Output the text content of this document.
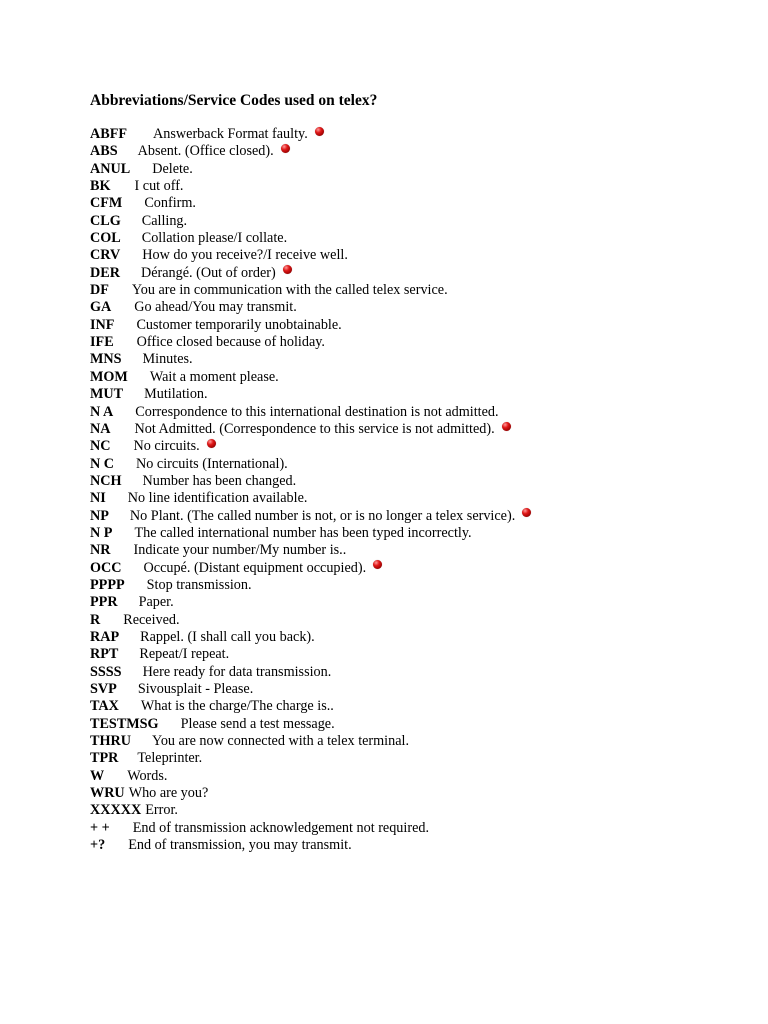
Abbreviations/Service Codes used on telex?
ABFF Answerback Format faulty.
ABS Absent. (Office closed).
ANUL Delete.
BK I cut off.
CFM Confirm.
CLG Calling.
COL Collation please/I collate.
CRV How do you receive?/I receive well.
DER Dérangé. (Out of order)
DF You are in communication with the called telex service.
GA Go ahead/You may transmit.
INF Customer temporarily unobtainable.
IFE Office closed because of holiday.
MNS Minutes.
MOM Wait a moment please.
MUT Mutilation.
N A Correspondence to this international destination is not admitted.
NA Not Admitted. (Correspondence to this service is not admitted).
NC No circuits.
N C No circuits (International).
NCH Number has been changed.
NI No line identification available.
NP No Plant. (The called number is not, or is no longer a telex service).
N P The called international number has been typed incorrectly.
NR Indicate your number/My number is..
OCC Occupé. (Distant equipment occupied).
PPPP Stop transmission.
PPR Paper.
R Received.
RAP Rappel. (I shall call you back).
RPT Repeat/I repeat.
SSSS Here ready for data transmission.
SVP Sivousplait - Please.
TAX What is the charge/The charge is..
TESTMSG Please send a test message.
THRU You are now connected with a telex terminal.
TPR Teleprinter.
W Words.
WRU Who are you?
XXXXX Error.
+ + End of transmission acknowledgement not required.
+? End of transmission, you may transmit.
